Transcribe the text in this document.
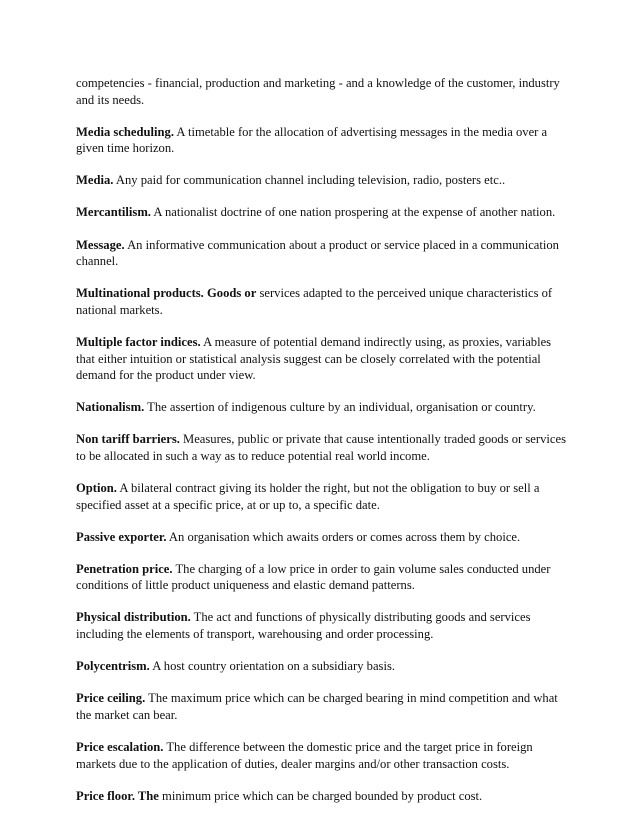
competencies - financial, production and marketing - and a knowledge of the customer, industry and its needs.

Media scheduling. A timetable for the allocation of advertising messages in the media over a given time horizon.

Media. Any paid for communication channel including television, radio, posters etc..

Mercantilism. A nationalist doctrine of one nation prospering at the expense of another nation.

Message. An informative communication about a product or service placed in a communication channel.

Multinational products. Goods or services adapted to the perceived unique characteristics of national markets.

Multiple factor indices. A measure of potential demand indirectly using, as proxies, variables that either intuition or statistical analysis suggest can be closely correlated with the potential demand for the product under view.

Nationalism. The assertion of indigenous culture by an individual, organisation or country.

Non tariff barriers. Measures, public or private that cause intentionally traded goods or services to be allocated in such a way as to reduce potential real world income.

Option. A bilateral contract giving its holder the right, but not the obligation to buy or sell a specified asset at a specific price, at or up to, a specific date.

Passive exporter. An organisation which awaits orders or comes across them by choice.

Penetration price. The charging of a low price in order to gain volume sales conducted under conditions of little product uniqueness and elastic demand patterns.

Physical distribution. The act and functions of physically distributing goods and services including the elements of transport, warehousing and order processing.

Polycentrism. A host country orientation on a subsidiary basis.

Price ceiling. The maximum price which can be charged bearing in mind competition and what the market can bear.

Price escalation. The difference between the domestic price and the target price in foreign markets due to the application of duties, dealer margins and/or other transaction costs.

Price floor. The minimum price which can be charged bounded by product cost.
